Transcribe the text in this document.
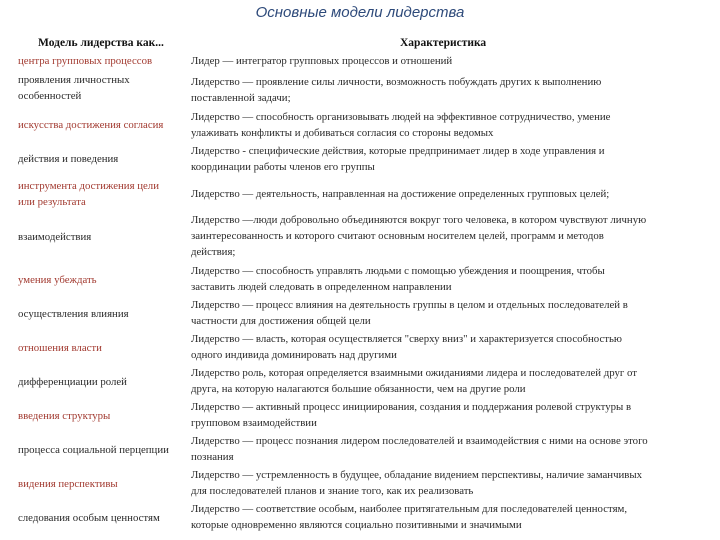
Основные модели лидерства
Модель лидерства как...	Характеристика
центра групповых процессов	Лидер — интегратор групповых процессов и отношений
проявления личностных
особенностей
Лидерство — проявление силы личности, возможность побуждать других к выполнению
поставленной задачи;
искусства достижения согласия
Лидерство — способность организовывать людей на эффективное сотрудничество, умение
улаживать конфликты и добиваться согласия со стороны ведомых
действия и поведения
Лидерство - специфические действия, которые предпринимает лидер в ходе управления и
координации работы членов его группы
инструмента достижения цели
или результата
Лидерство — деятельность, направленная на достижение определенных групповых целей;
взаимодействия
Лидерство —люди добровольно объединяются вокруг того человека, в котором чувствуют личную
заинтересованность и которого считают основным носителем целей, программ и методов
действия;
умения убеждать
Лидерство — способность управлять людьми с помощью убеждения и поощрения, чтобы
заставить людей следовать в определенном направлении
осуществления влияния
Лидерство — процесс влияния на деятельность группы в целом и отдельных последователей в
частности для достижения общей цели
отношения власти
Лидерство — власть, которая осуществляется "сверху вниз" и характеризуется способностью
одного индивида доминировать над другими
дифференциации ролей
Лидерство роль, которая определяется взаимными ожиданиями лидера и последователей друг от
друга, на которую налагаются большие обязанности, чем на другие роли
введения структуры
Лидерство — активный процесс инициирования, создания и поддержания ролевой структуры в
групповом взаимодействии
процесса социальной перцепции
Лидерство — процесс познания лидером последователей и взаимодействия с ними на основе этого
познания
видения перспективы
Лидерство — устремленность в будущее, обладание видением перспективы, наличие заманчивых
для последователей планов и знание того, как их реализовать
следования особым ценностям
Лидерство — соответствие особым, наиболее притягательным для последователей ценностям,
которые одновременно являются социально позитивными и значимыми
